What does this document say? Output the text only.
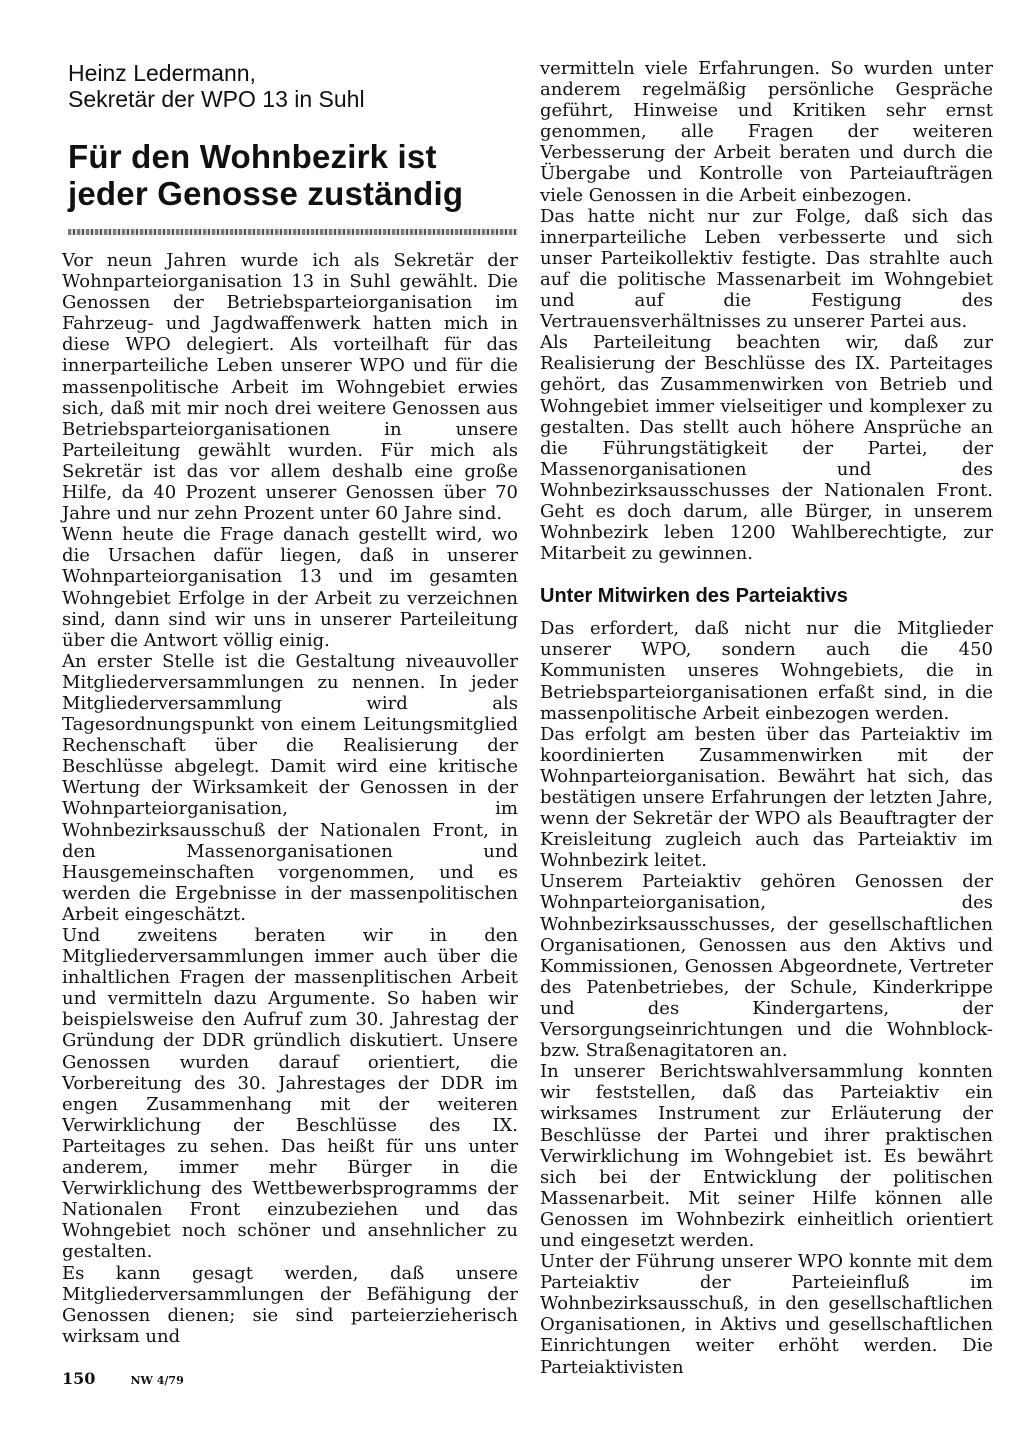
Heinz Ledermann,
Sekretär der WPO 13 in Suhl
Für den Wohnbezirk ist
jeder Genosse zuständig

Vor neun Jahren wurde ich als Sekretär der Wohnparteiorganisation 13 in Suhl gewählt. Die Genossen der Betriebsparteiorganisation im Fahrzeug- und Jagdwaffenwerk hatten mich in diese WPO delegiert. Als vorteilhaft für das innerparteiliche Leben unserer WPO und für die massenpolitische Arbeit im Wohngebiet erwies sich, daß mit mir noch drei weitere Genossen aus Betriebsparteiorganisationen in unsere Parteileitung gewählt wurden. Für mich als Sekretär ist das vor allem deshalb eine große Hilfe, da 40 Prozent unserer Genossen über 70 Jahre und nur zehn Prozent unter 60 Jahre sind.

Wenn heute die Frage danach gestellt wird, wo die Ursachen dafür liegen, daß in unserer Wohnparteiorganisation 13 und im gesamten Wohngebiet Erfolge in der Arbeit zu verzeichnen sind, dann sind wir uns in unserer Parteileitung über die Antwort völlig einig.

An erster Stelle ist die Gestaltung niveauvoller Mitgliederversammlungen zu nennen. In jeder Mitgliederversammlung wird als Tagesordnungspunkt von einem Leitungsmitglied Rechenschaft über die Realisierung der Beschlüsse abgelegt. Damit wird eine kritische Wertung der Wirksamkeit der Genossen in der Wohnparteiorganisation, im Wohnbezirksausschuß der Nationalen Front, in den Massenorganisationen und Hausgemeinschaften vorgenommen, und es werden die Ergebnisse in der massenpolitischen Arbeit eingeschätzt.

Und zweitens beraten wir in den Mitgliederversammlungen immer auch über die inhaltlichen Fragen der massenplitischen Arbeit und vermitteln dazu Argumente. So haben wir beispielsweise den Aufruf zum 30. Jahrestag der Gründung der DDR gründlich diskutiert. Unsere Genossen wurden darauf orientiert, die Vorbereitung des 30. Jahrestages der DDR im engen Zusammenhang mit der weiteren Verwirklichung der Beschlüsse des IX. Parteitages zu sehen. Das heißt für uns unter anderem, immer mehr Bürger in die Verwirklichung des Wettbewerbsprogramms der Nationalen Front einzubeziehen und das Wohngebiet noch schöner und ansehnlicher zu gestalten.

Es kann gesagt werden, daß unsere Mitgliederversammlungen der Befähigung der Genossen dienen; sie sind parteierzieherisch wirksam und

vermitteln viele Erfahrungen. So wurden unter anderem regelmäßig persönliche Gespräche geführt, Hinweise und Kritiken sehr ernst genommen, alle Fragen der weiteren Verbesserung der Arbeit beraten und durch die Übergabe und Kontrolle von Parteiaufträgen viele Genossen in die Arbeit einbezogen.

Das hatte nicht nur zur Folge, daß sich das innerparteiliche Leben verbesserte und sich unser Parteikollektiv festigte. Das strahlte auch auf die politische Massenarbeit im Wohngebiet und auf die Festigung des Vertrauensverhältnisses zu unserer Partei aus.

Als Parteileitung beachten wir, daß zur Realisierung der Beschlüsse des IX. Parteitages gehört, das Zusammenwirken von Betrieb und Wohngebiet immer vielseitiger und komplexer zu gestalten. Das stellt auch höhere Ansprüche an die Führungstätigkeit der Partei, der Massenorganisationen und des Wohnbezirksausschusses der Nationalen Front. Geht es doch darum, alle Bürger, in unserem Wohnbezirk leben 1200 Wahlberechtigte, zur Mitarbeit zu gewinnen.

Unter Mitwirken des Parteiaktivs

Das erfordert, daß nicht nur die Mitglieder unserer WPO, sondern auch die 450 Kommunisten unseres Wohngebiets, die in Betriebsparteiorganisationen erfaßt sind, in die massenpolitische Arbeit einbezogen werden.

Das erfolgt am besten über das Parteiaktiv im koordinierten Zusammenwirken mit der Wohnparteiorganisation. Bewährt hat sich, das bestätigen unsere Erfahrungen der letzten Jahre, wenn der Sekretär der WPO als Beauftragter der Kreisleitung zugleich auch das Parteiaktiv im Wohnbezirk leitet.

Unserem Parteiaktiv gehören Genossen der Wohnparteiorganisation, des Wohnbezirksausschusses, der gesellschaftlichen Organisationen, Genossen aus den Aktivs und Kommissionen, Genossen Abgeordnete, Vertreter des Patenbetriebes, der Schule, Kinderkrippe und des Kindergartens, der Versorgungseinrichtungen und die Wohnblock- bzw. Straßenagitatoren an.

In unserer Berichtswahlversammlung konnten wir feststellen, daß das Parteiaktiv ein wirksames Instrument zur Erläuterung der Beschlüsse der Partei und ihrer praktischen Verwirklichung im Wohngebiet ist. Es bewährt sich bei der Entwicklung der politischen Massenarbeit. Mit seiner Hilfe können alle Genossen im Wohnbezirk einheitlich orientiert und eingesetzt werden.

Unter der Führung unserer WPO konnte mit dem Parteiaktiv der Parteieinfluß im Wohnbezirksausschuß, in den gesellschaftlichen Organisationen, in Aktivs und gesellschaftlichen Einrichtungen weiter erhöht werden. Die Parteiaktivisten

150	NW 4/79
